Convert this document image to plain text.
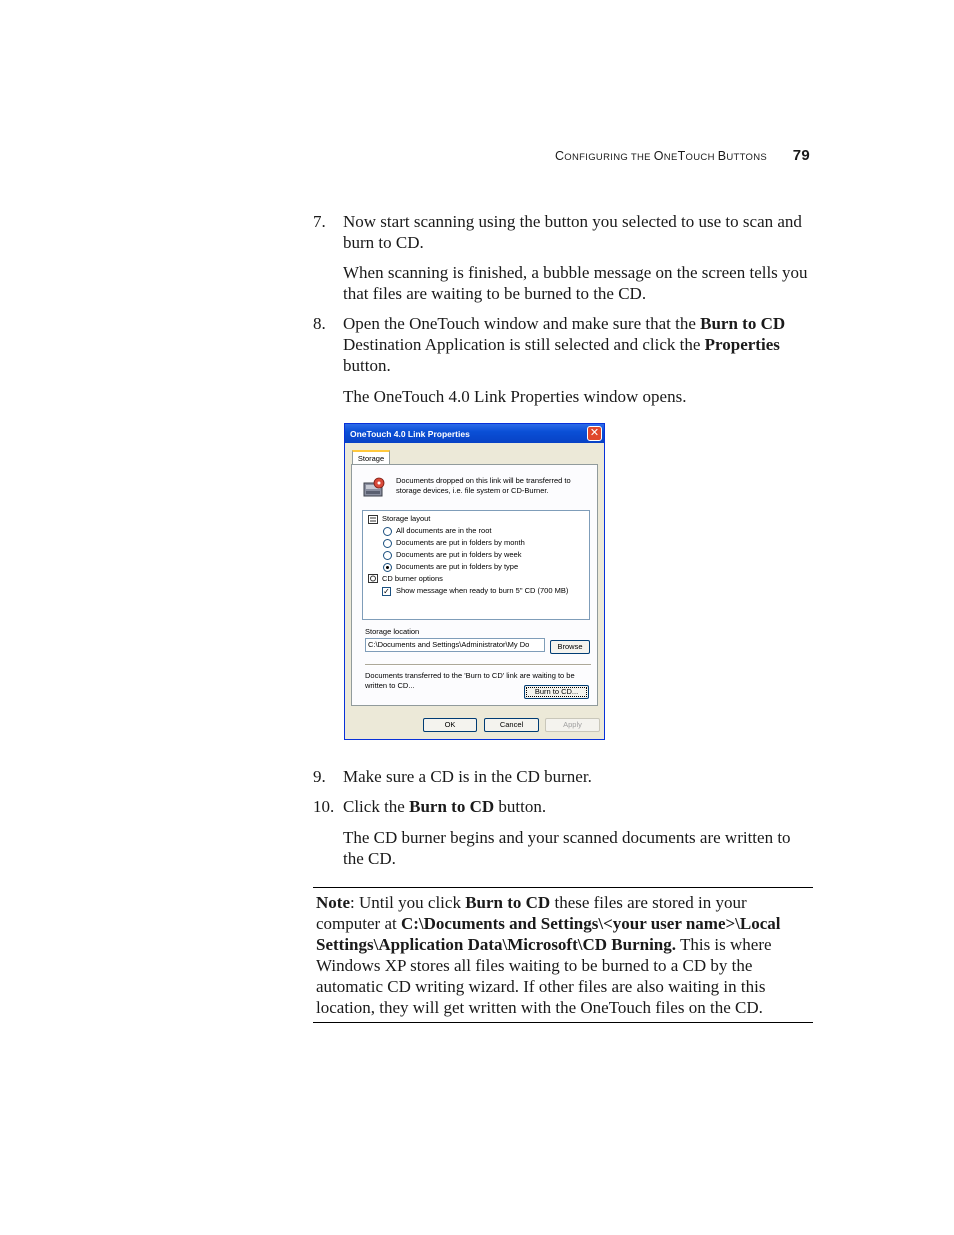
CONFIGURING THE ONETOUCH BUTTONS 79
7.	Now start scanning using the button you selected to use to scan and burn to CD.
When scanning is finished, a bubble message on the screen tells you that files are waiting to be burned to the CD.
8.	Open the OneTouch window and make sure that the Burn to CD Destination Application is still selected and click the Properties button.
The OneTouch 4.0 Link Properties window opens.
OneTouch 4.0 Link Properties	✕
Storage
Documents dropped on this link will be transferred to storage devices, i.e. file system or CD-Burner.
Storage layout
All documents are in the root
Documents are put in folders by month
Documents are put in folders by week
Documents are put in folders by type
CD burner options
✓ Show message when ready to burn 5" CD (700 MB)
Storage location
C:\Documents and Settings\Administrator\My Do	Browse
Documents transferred to the 'Burn to CD' link are waiting to be written to CD...
Burn to CD...
OK	Cancel	Apply
9.	Make sure a CD is in the CD burner.
10. Click the Burn to CD button.
The CD burner begins and your scanned documents are written to the CD.
Note: Until you click Burn to CD these files are stored in your computer at C:\Documents and Settings\<your user name>\Local Settings\Application Data\Microsoft\CD Burning. This is where Windows XP stores all files waiting to be burned to a CD by the automatic CD writing wizard. If other files are also waiting in this location, they will get written with the OneTouch files on the CD.
